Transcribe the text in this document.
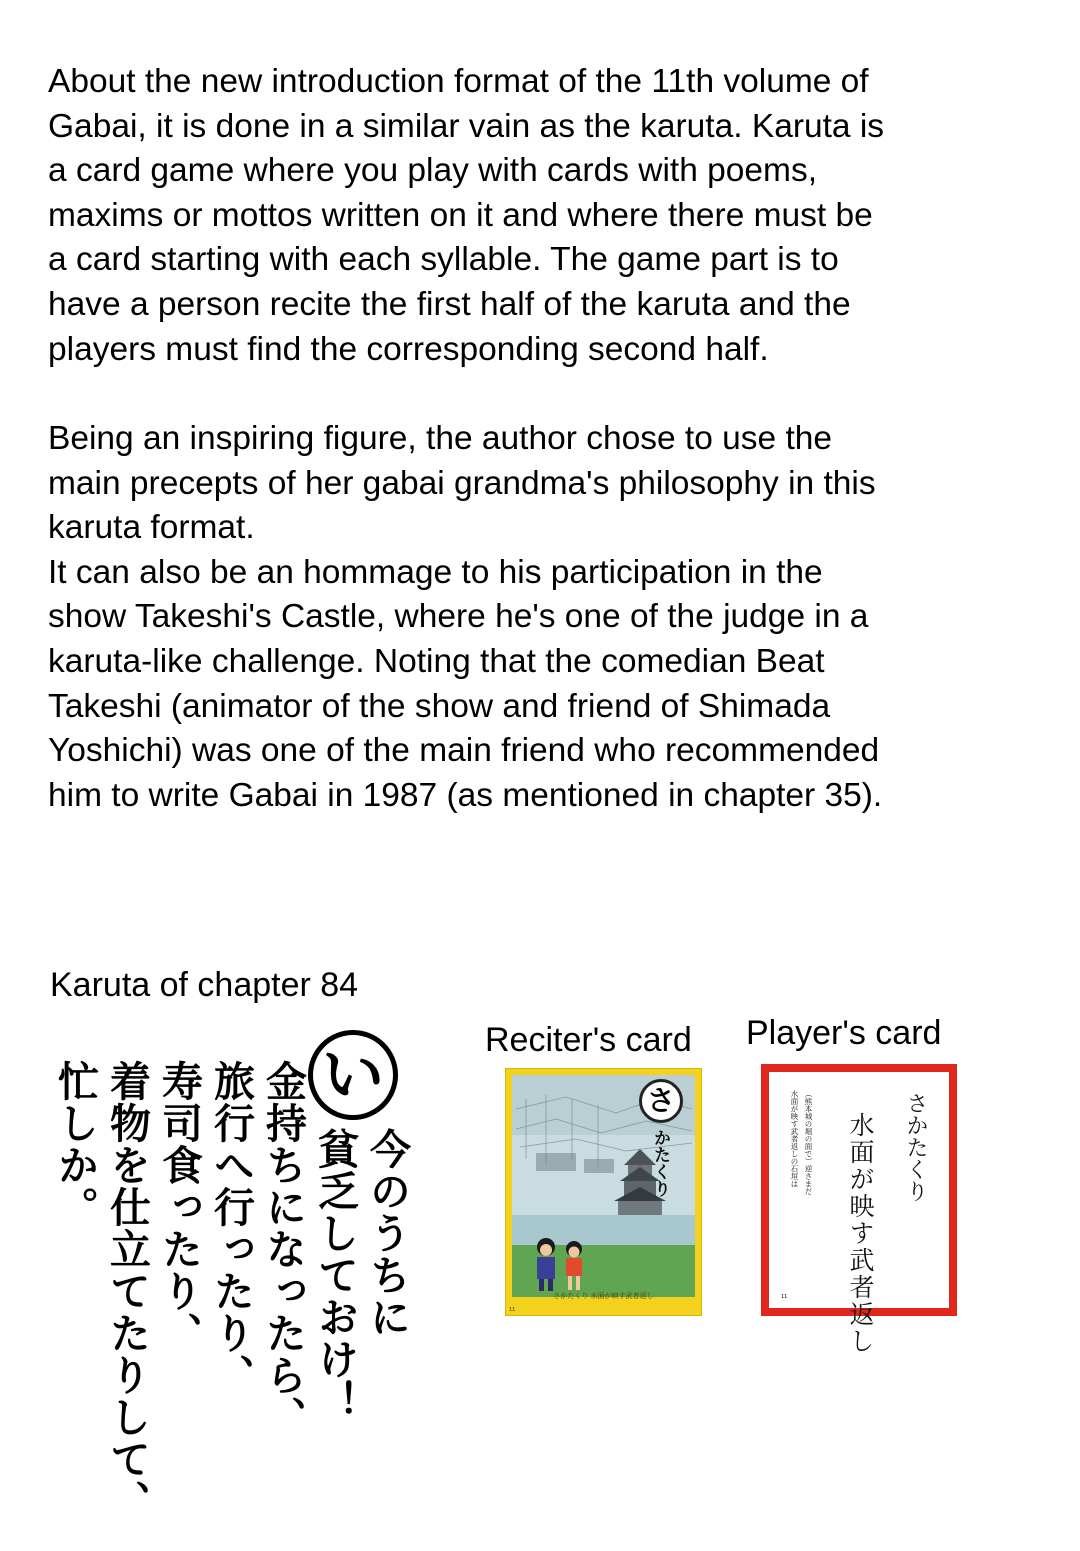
About the new introduction format of the 11th volume of
Gabai, it is done in a similar vain as the karuta. Karuta is
a card game where you play with cards with poems,
maxims or mottos written on it and where there must be
a card starting with each syllable. The game part is to
have a person recite the first half of the karuta and the
players must find the corresponding second half.

Being an inspiring figure, the author chose to use the
main precepts of her gabai grandma's philosophy in this
karuta format.
It can also be an hommage to his participation in the
show Takeshi's Castle, where he's one of the judge in a
karuta-like challenge. Noting that the comedian Beat
Takeshi (animator of the show and friend of Shimada
Yoshichi) was one of the main friend who recommended
him to write Gabai in 1987 (as mentioned in chapter 35).

Karuta of chapter 84
Reciter's card Player's card
い
今のうちに
貧乏しておけ！
金持ちになったら、
旅行へ行ったり、
寿司食ったり、
着物を仕立てたりして、
忙しか。	さ
かたくり
さかたくり 水面が映す武者返し
11
さかたくり
水面が映す武者返し
（熊本城の堀の面で）逆さまだ
水面が映す武者返しの石垣は
11
